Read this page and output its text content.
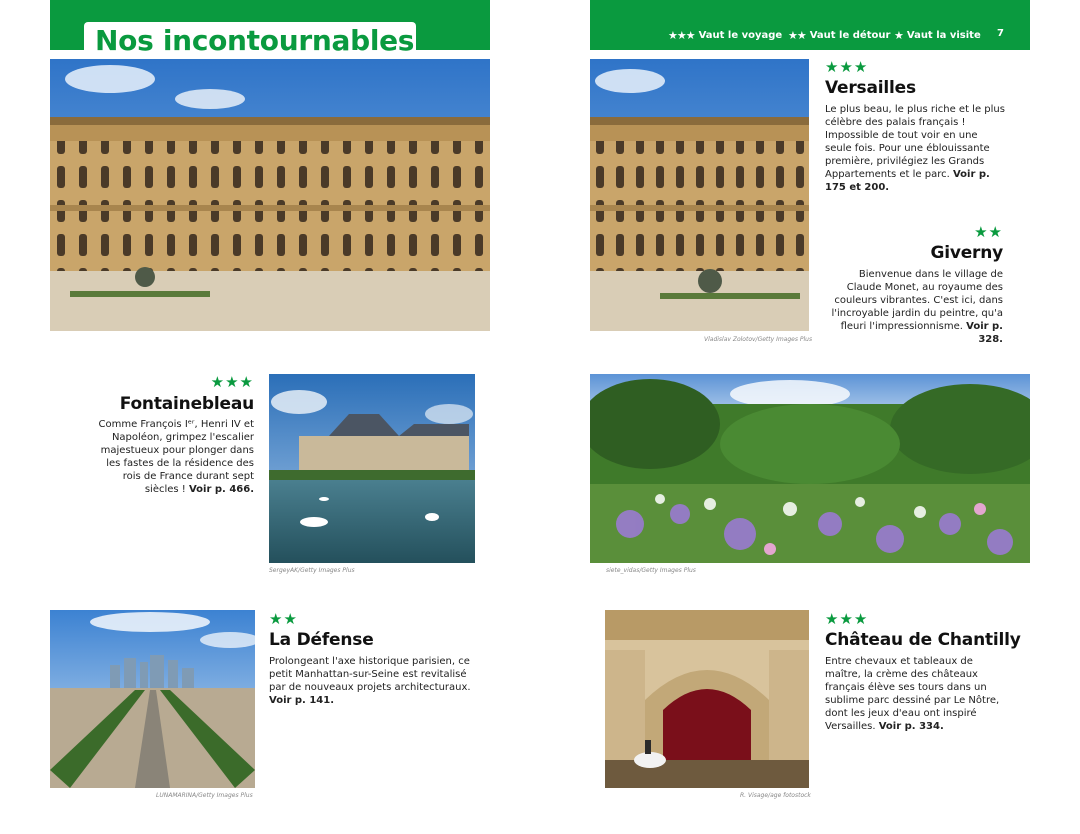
Nos incontournables	★★★ Vaut le voyage ★★ Vaut le détour ★ Vaut la visite 7
Vladislav Zolotov/Getty Images Plus
★★★
Versailles
Le plus beau, le plus riche et le plus célèbre des palais français ! Impossible de tout voir en une seule fois. Pour une éblouissante première, privilégiez les Grands Appartements et le parc. Voir p. 175 et 200.
★★
Giverny
Bienvenue dans le village de Claude Monet, au royaume des couleurs vibrantes. C'est ici, dans l'incroyable jardin du peintre, qu'a fleuri l'impressionnisme. Voir p. 328.
★★★
Fontainebleau
Comme François Iᵉʳ, Henri IV et Napoléon, grimpez l'escalier majestueux pour plonger dans les fastes de la résidence des rois de France durant sept siècles ! Voir p. 466.
SergeyAK/Getty Images Plus	siete_vidas/Getty Images Plus
LUNAMARINA/Getty Images Plus
★★
La Défense
Prolongeant l'axe historique parisien, ce petit Manhattan-sur-Seine est revitalisé par de nouveaux projets architecturaux. Voir p. 141.
R. Visage/age fotostock
★★★
Château de Chantilly
Entre chevaux et tableaux de maître, la crème des châteaux français élève ses tours dans un sublime parc dessiné par Le Nôtre, dont les jeux d'eau ont inspiré Versailles. Voir p. 334.
